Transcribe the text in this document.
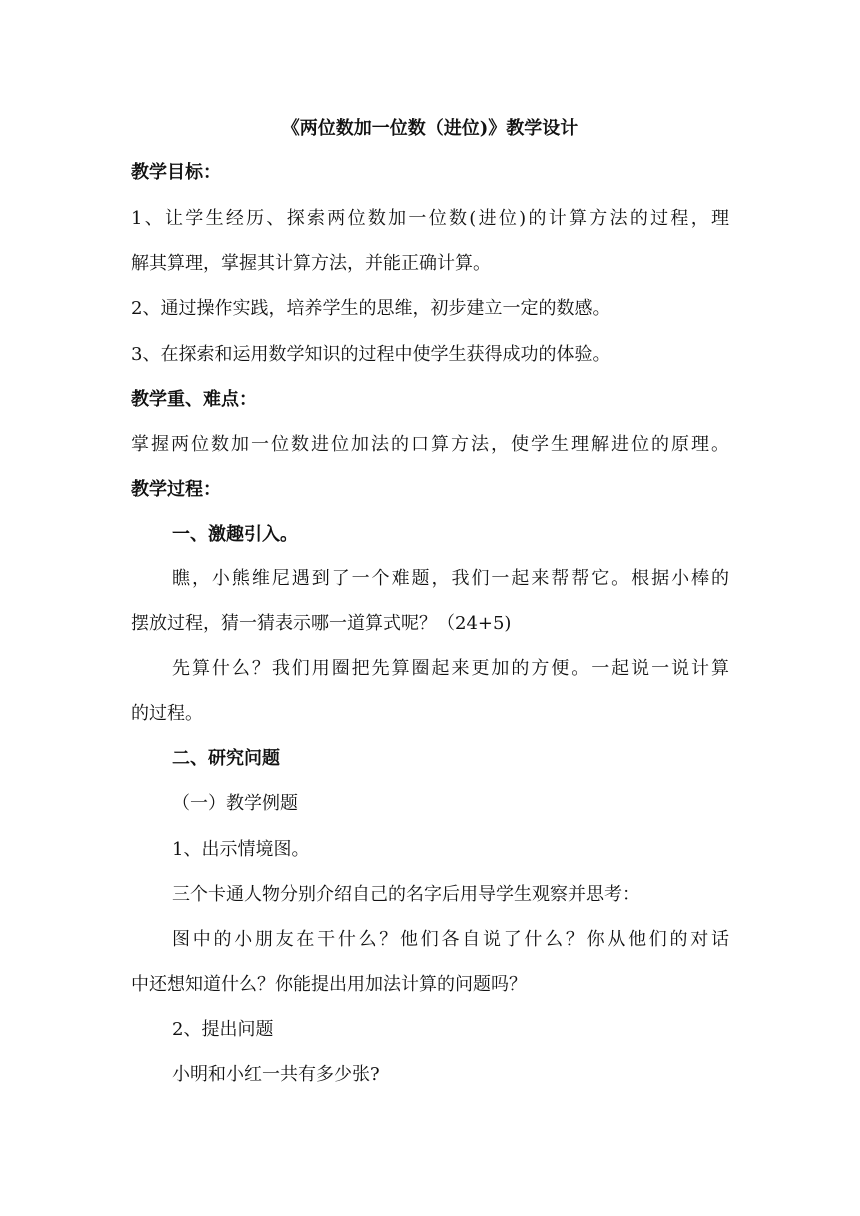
《两位数加一位数（进位)》教学设计
教学目标：
1、让学生经历、探索两位数加一位数(进位)的计算方法的过程，理
解其算理，掌握其计算方法，并能正确计算。
2、通过操作实践，培养学生的思维，初步建立一定的数感。
3、在探索和运用数学知识的过程中使学生获得成功的体验。
教学重、难点：
掌握两位数加一位数进位加法的口算方法，使学生理解进位的原理。
教学过程：
一、激趣引入。
瞧，小熊维尼遇到了一个难题，我们一起来帮帮它。根据小棒的
摆放过程，猜一猜表示哪一道算式呢？（24+5)
先算什么？我们用圈把先算圈起来更加的方便。一起说一说计算
的过程。
二、研究问题
（一）教学例题
1、出示情境图。
三个卡通人物分别介绍自己的名字后用导学生观察并思考：
图中的小朋友在干什么？他们各自说了什么？你从他们的对话
中还想知道什么？你能提出用加法计算的问题吗？
2、提出问题
小明和小红一共有多少张?
